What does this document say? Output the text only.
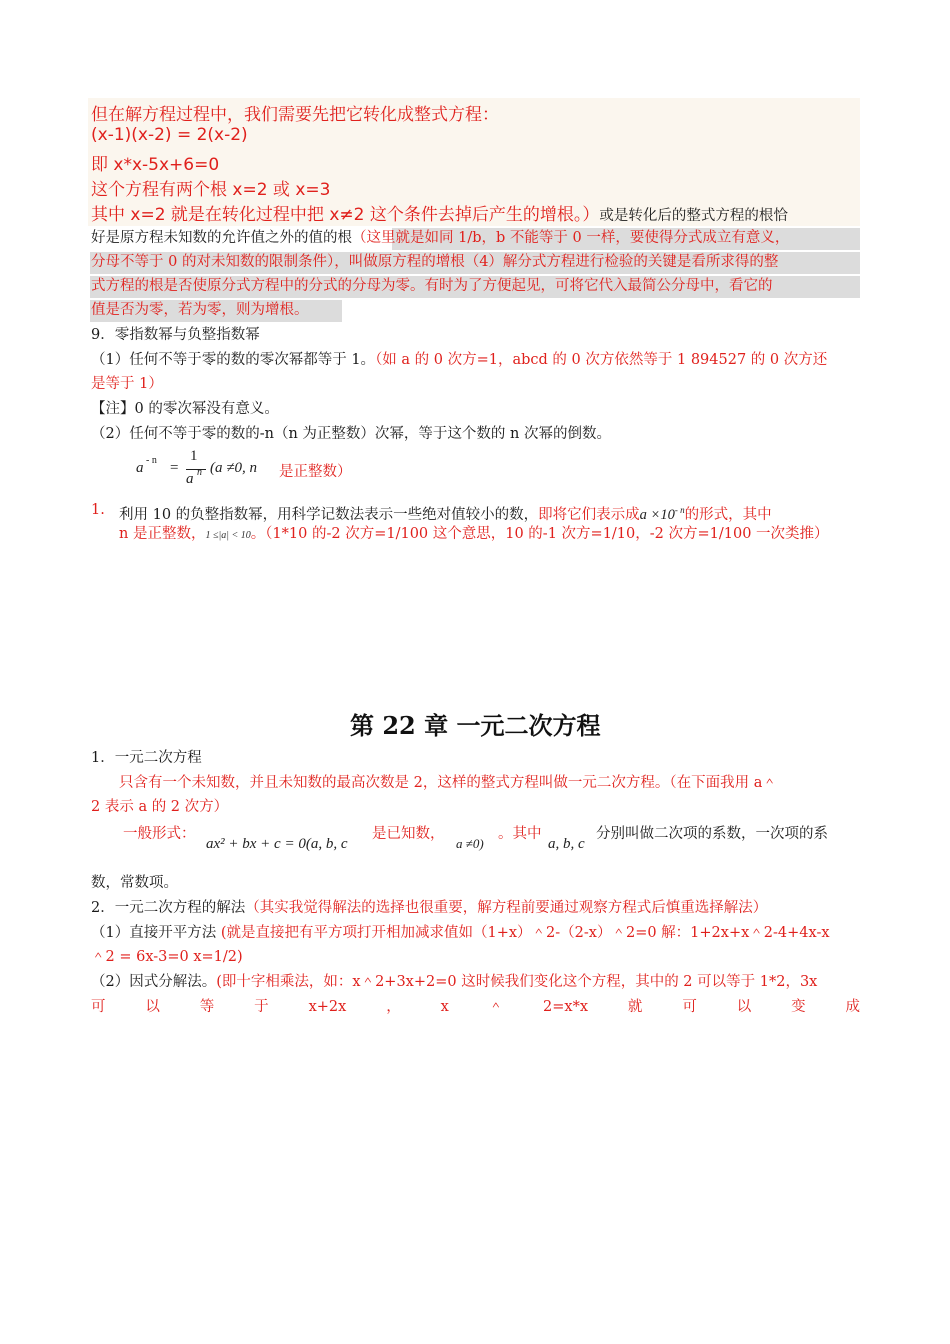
但在解方程过程中，我们需要先把它转化成整式方程：
(x-1)(x-2) = 2(x-2)
即 x*x-5x+6=0
这个方程有两个根 x=2 或 x=3
其中 x=2 就是在转化过程中把 x≠2 这个条件去掉后产生的增根。）或是转化后的整式方程的根恰
好是原方程未知数的允许值之外的值的根（这里就是如同 1/b，b 不能等于 0 一样，要使得分式成立有意义，
分母不等于 0 的对未知数的限制条件），叫做原方程的增根（4）解分式方程进行检验的关键是看所求得的整
式方程的根是否使原分式方程中的分式的分母为零。有时为了方便起见，可将它代入最简公分母中，看它的
值是否为零，若为零，则为增根。
9．零指数幂与负整指数幂
（1）任何不等于零的数的零次幂都等于 1。（如 a 的 0 次方=1，abcd 的 0 次方依然等于 1 894527 的 0 次方还
是等于 1）
【注】0 的零次幂没有意义。
（2）任何不等于零的数的-n（n 为正整数）次幂，等于这个数的 n 次幂的倒数。
a - n =
1
a n (a ≠0, n 是正整数）
1. 利用 10 的负整指数幂，用科学记数法表示一些绝对值较小的数，即将它们表示成$a \times 10^{- n}$的形式，其中
n 是正整数，1 ≤|a| < 10。（1*10 的-2 次方=1/100 这个意思，10 的-1 次方=1/10，-2 次方=1/100 一次类推）
第 22 章 一元二次方程
1．一元二次方程
只含有一个未知数，并且未知数的最高次数是 2，这样的整式方程叫做一元二次方程。（在下面我用 a＾
2 表示 a 的 2 次方）
一般形式：
ax² + bx + c = 0(a, b, c
是已知数，
a ≠0)
。其中
a, b, c
分别叫做二次项的系数，一次项的系
数，常数项。
2．一元二次方程的解法（其实我觉得解法的选择也很重要，解方程前要通过观察方程式后慎重选择解法）
（1）直接开平方法 (就是直接把有平方项打开相加减求值如（1+x）＾2-（2-x）＾2=0 解：1+2x+x＾2-4+4x-x
＾2 = 6x-3=0 x=1/2)
（2）因式分解法。(即十字相乘法，如：x＾2+3x+2=0 这时候我们变化这个方程，其中的 2 可以等于 1*2，3x
可	以	等	于	x+2x	，	x	＾	2=x*x	就	可	以	变	成
